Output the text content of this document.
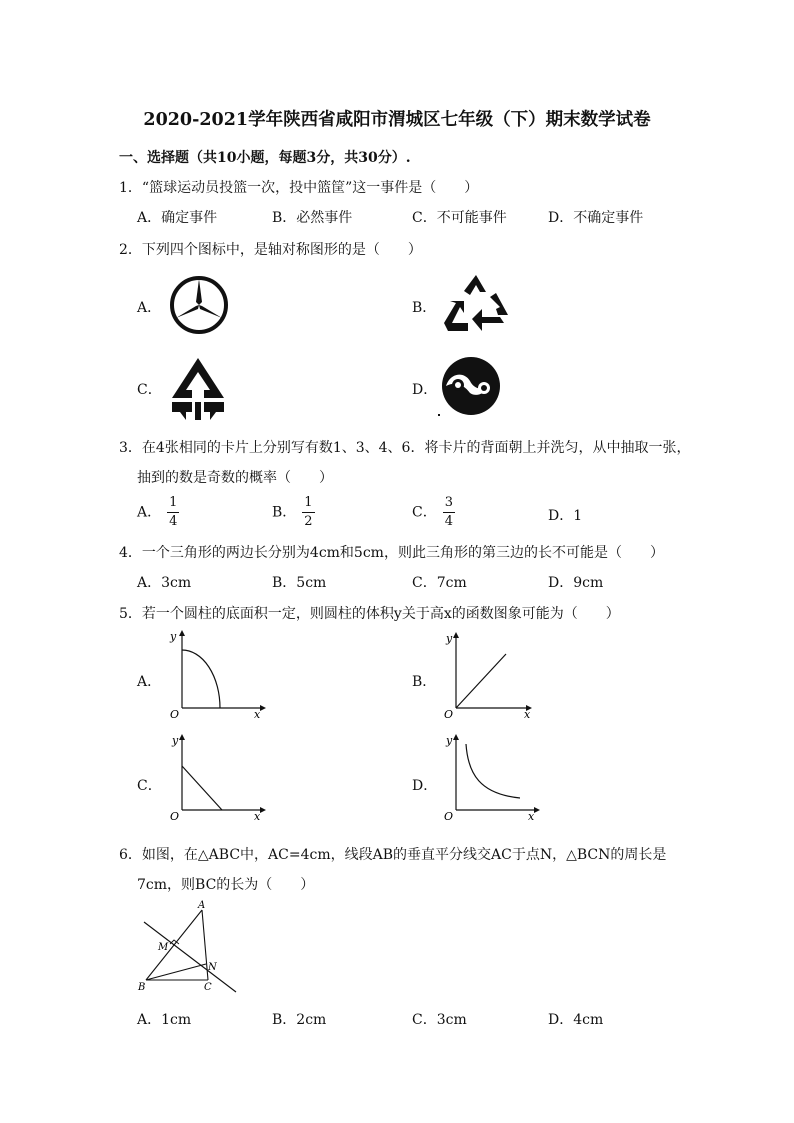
2020-2021学年陕西省咸阳市渭城区七年级（下）期末数学试卷
一、选择题（共10小题，每题3分，共30分）.
1．“篮球运动员投篮一次，投中篮筐”这一事件是（　　）
A．确定事件	B．必然事件	C．不可能事件	D．不确定事件
2．下列四个图标中，是轴对称图形的是（　　）
A．	B．
C．	D．
3．在4张相同的卡片上分别写有数1、3、4、6．将卡片的背面朝上并洗匀，从中抽取一张，
抽到的数是奇数的概率（　　）
A． $\frac{1}{4}$	B． $\frac{1}{2}$	C． $\frac{3}{4}$	D．1
4．一个三角形的两边长分别为4cm和5cm，则此三角形的第三边的长不可能是（　　）
A．3cm	B．5cm	C．7cm	D．9cm
5．若一个圆柱的底面积一定，则圆柱的体积y关于高x的函数图象可能为（　　）
A．	B．
C．	D．
y
x
O
y
x
O
y
x
O
y
x
O
6．如图，在△ABC中，AC=4cm，线段AB的垂直平分线交AC于点N，△BCN的周长是
7cm，则BC的长为（　　）
A
M
N
B	C
A．1cm	B．2cm	C．3cm	D．4cm
